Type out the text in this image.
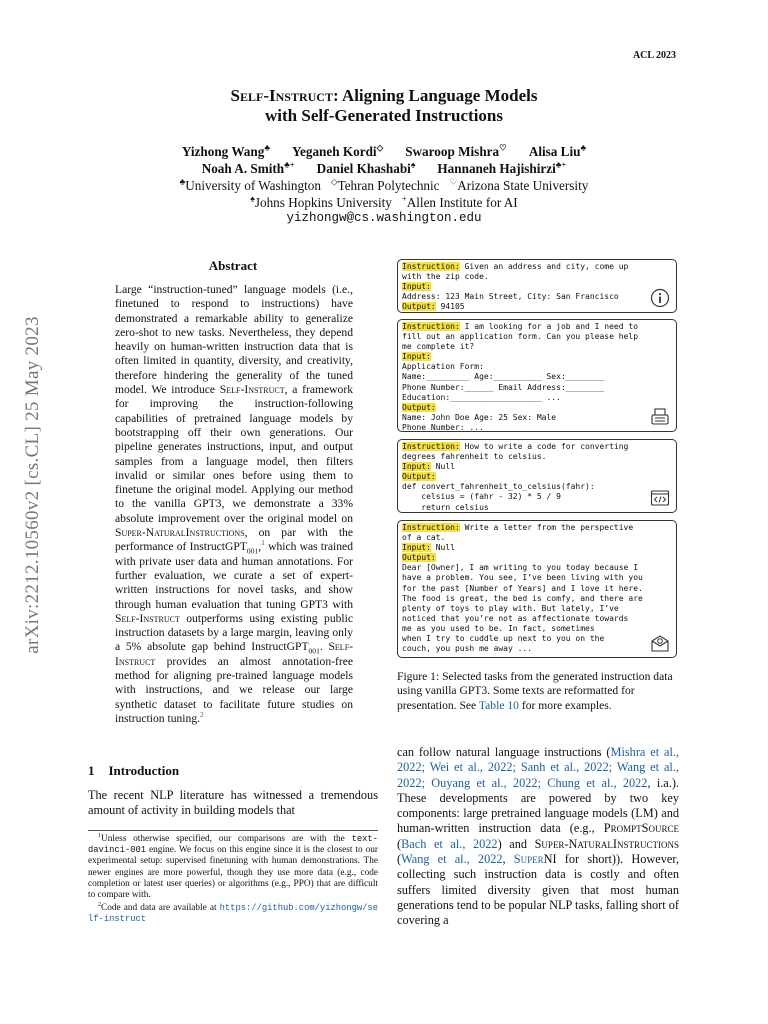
ACL 2023
arXiv:2212.10560v2 [cs.CL] 25 May 2023
Self-Instruct: Aligning Language Models
with Self-Generated Instructions
Yizhong Wang♣ Yeganeh Kordi◇ Swaroop Mishra♡ Alisa Liu♣
Noah A. Smith♣+ Daniel Khashabi♠ Hannaneh Hajishirzi♣+
♣University of Washington ◇Tehran Polytechnic ♡Arizona State University
♠Johns Hopkins University +Allen Institute for AI
yizhongw@cs.washington.edu
Abstract
Large “instruction-tuned” language models (i.e., finetuned to respond to instructions) have demonstrated a remarkable ability to generalize zero-shot to new tasks. Nevertheless, they depend heavily on human-written instruction data that is often limited in quantity, diversity, and creativity, therefore hindering the generality of the tuned model. We introduce Self-Instruct, a framework for improving the instruction-following capabilities of pretrained language models by bootstrapping off their own generations. Our pipeline generates instructions, input, and output samples from a language model, then filters invalid or similar ones before using them to finetune the original model. Applying our method to the vanilla GPT3, we demonstrate a 33% absolute improvement over the original model on Super-NaturalInstructions, on par with the performance of InstructGPT$_{001}$,$^1$ which was trained with private user data and human annotations. For further evaluation, we curate a set of expert-written instructions for novel tasks, and show through human evaluation that tuning GPT3 with Self-Instruct outperforms using existing public instruction datasets by a large margin, leaving only a 5% absolute gap behind InstructGPT$_{001}$. Self-Instruct provides an almost annotation-free method for aligning pre-trained language models with instructions, and we release our large synthetic dataset to facilitate future studies on instruction tuning.$^2$
1 Introduction
The recent NLP literature has witnessed a tremendous amount of activity in building models that
$^1$Unless otherwise specified, our comparisons are with the text-davinci-001 engine. We focus on this engine since it is the closest to our experimental setup: supervised finetuning with human demonstrations. The newer engines are more powerful, though they use more data (e.g., code completion or latest user queries) or algorithms (e.g., PPO) that are difficult to compare with.
$^2$Code and data are available at https://github.com/yizhongw/self-instruct
Instruction: Given an address and city, come up
with the zip code.
Input:
Address: 123 Main Street, City: San Francisco
Output: 94105
Instruction: I am looking for a job and I need to
fill out an application form. Can you please help
me complete it?
Input:
Application Form:
Name:_________ Age:__________ Sex:________
Phone Number:______ Email Address:________
Education:___________________ ...
Output:
Name: John Doe Age: 25 Sex: Male
Phone Number: ...
Instruction: How to write a code for converting
degrees fahrenheit to celsius.
Input: Null
Output:
def convert_fahrenheit_to_celsius(fahr):
celsius = (fahr - 32) * 5 / 9
return celsius
Instruction: Write a letter from the perspective
of a cat.
Input: Null
Output:
Dear [Owner], I am writing to you today because I
have a problem. You see, I’ve been living with you
for the past [Number of Years] and I love it here.
The food is great, the bed is comfy, and there are
plenty of toys to play with. But lately, I’ve
noticed that you’re not as affectionate towards
me as you used to be. In fact, sometimes
when I try to cuddle up next to you on the
couch, you push me away ...
Figure 1: Selected tasks from the generated instruction data using vanilla GPT3. Some texts are reformatted for presentation. See Table 10 for more examples.
can follow natural language instructions (Mishra et al., 2022; Wei et al., 2022; Sanh et al., 2022; Wang et al., 2022; Ouyang et al., 2022; Chung et al., 2022, i.a.). These developments are powered by two key components: large pretrained language models (LM) and human-written instruction data (e.g., PromptSource (Bach et al., 2022) and Super-NaturalInstructions (Wang et al., 2022, SuperNI for short)). However, collecting such instruction data is costly and often suffers limited diversity given that most human generations tend to be popular NLP tasks, falling short of covering a
